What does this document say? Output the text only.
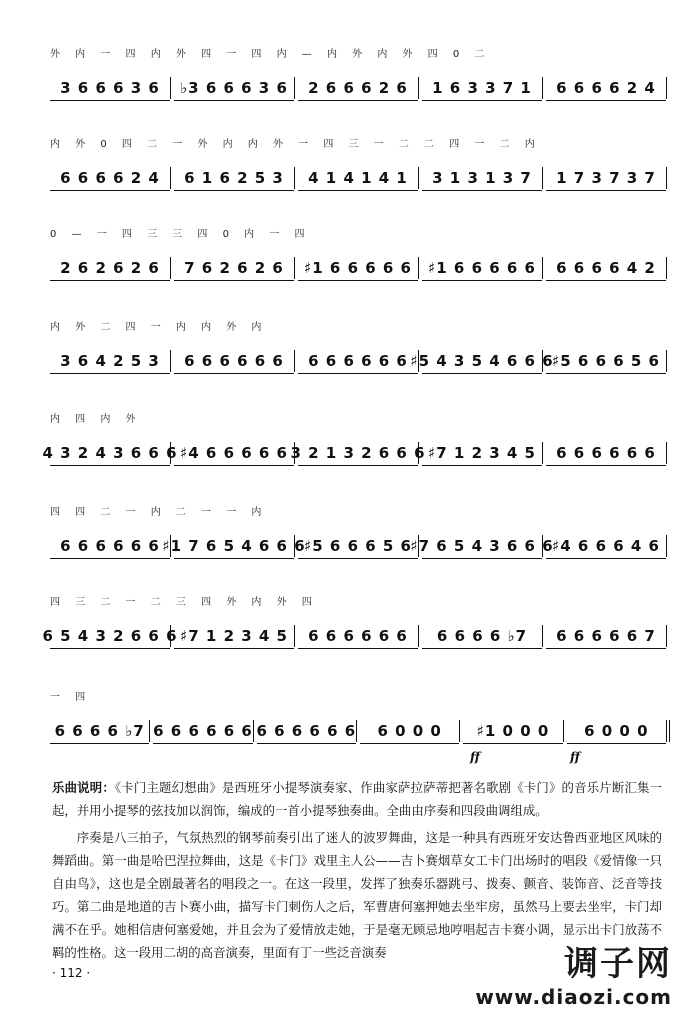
外 内 一 四 内 外 四 一 四 内 — 内 外 内 外 四 0 二
3 6 6 6 3 6 ♭3 6 6 6 3 6 2 6 6 6 2 6 1 6 3 3 7 1 6 6 6 6 2 4
内 外 0 四 二 一 外 内 内 外 一 四 三 一 二 二 四 一 二 内
6 6 6 6 2 4 6 1 6 2 5 3 4 1 4 1 4 1 3 1 3 1 3 7 1 7 3 7 3 7
0 — 一 四 三 三 四 0 内 一 四
2 6 2 6 2 6 7 6 2 6 2 6 ♯1 6 6 6 6 6 ♯1 6 6 6 6 6 6 6 6 6 4 2
内 外 二 四 一 内 内 外 内
3 6 4 2 5 3 6 6 6 6 6 6 6 6 6 6 6 6 ♯5 4 3 5 4 6 6 6
♯5 6 6 6 5 6
内 四 内 外
4 3 2 4 3 6 6 6 ♯4 6 6 6 6 6 3 2 1 3 2 6 6 6 ♯7 1 2 3 4 5 6 6 6 6 6 6
四 四 二 一 内 二 一 一 内
6 6 6 6 6 6 ♯1 7 6 5 4 6 6 6
♯5 6 6 6 5 6
♯7 6 5 4 3 6 6 6
♯4 6 6 6 4 6
四 三 二 一 二 三 四 外 内 外 四
6 5 4 3 2 6 6 6 ♯7 1 2 3 4 5 6 6 6 6 6 6 6 6 6 6 ♭7 6 6 6 6 6 7
一 四
6 6 6 6 ♭7 6 6 6 6 6 6 6 6 6 6 6 6 6 0 0 0 ♯1 0 0 0 6 0 0 0
ff	ff
乐曲说明：《卡门主题幻想曲》是西班牙小提琴演奏家、作曲家萨拉萨蒂把著名歌剧《卡门》的音乐片断汇集一起，并用小提琴的弦技加以润饰，编成的一首小提琴独奏曲。全曲由序奏和四段曲调组成。
序奏是八三拍子，气氛热烈的钢琴前奏引出了迷人的波罗舞曲，这是一种具有西班牙安达鲁西亚地区风味的舞蹈曲。第一曲是哈巴涅拉舞曲，这是《卡门》戏里主人公——吉卜赛烟草女工卡门出场时的唱段《爱情像一只自由鸟》，这也是全剧最著名的唱段之一。在这一段里，发挥了独奏乐器跳弓、拨奏、颤音、装饰音、泛音等技巧。第二曲是地道的吉卜赛小曲，描写卡门刺伤人之后，军曹唐何塞押她去坐牢房，虽然马上要去坐牢，卡门却满不在乎。她相信唐何塞爱她，并且会为了爱情放走她，于是毫无顾忌地哼唱起吉卡赛小调，显示出卡门放荡不羁的性格。这一段用二胡的高音演奏，里面有丁一些泛音演奏
· 112 ·	调子网
www.diaozi.com
